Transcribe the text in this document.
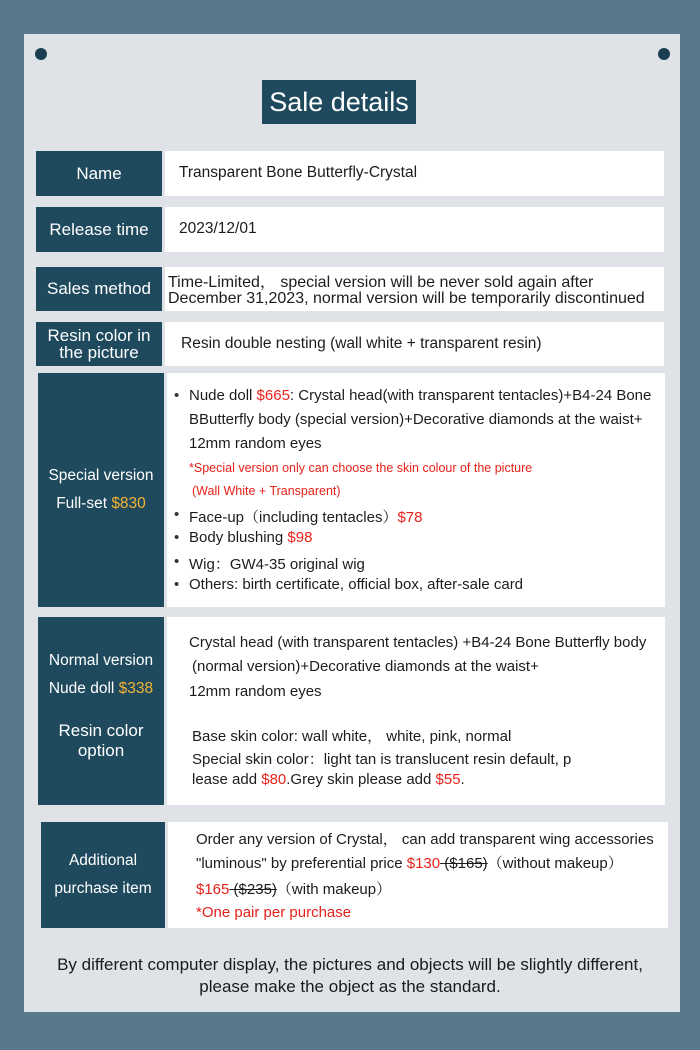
Sale details
Name	Transparent Bone Butterfly-Crystal
Release time 2023/12/01
Sales method Time-Limited， special version will be never sold again after
December 31,2023, normal version will be temporarily discontinued
Resin color in
the picture	Resin double nesting (wall white + transparent resin)
Special version
Full-set $830
• Nude doll $665: Crystal head(with transparent tentacles)+B4-24 Bone
BButterfly body (special version)+Decorative diamonds at the waist+
12mm random eyes
*Special version only can choose the skin colour of the picture
(Wall White + Transparent)
• Face-up（including tentacles）$78
• Body blushing $98
• Wig：GW4-35 original wig
• Others: birth certificate, official box, after-sale card
Normal version
Nude doll $338
Resin color
option
Crystal head (with transparent tentacles) +B4-24 Bone Butterfly body
(normal version)+Decorative diamonds at the waist+
12mm random eyes
Base skin color: wall white， white, pink, normal
Special skin color：light tan is translucent resin default, p
lease add $80.Grey skin please add $55.
Additional
purchase item
Order any version of Crystal， can add transparent wing accessories
"luminous" by preferential price $130 ($165)（without makeup）
$165 ($235)（with makeup）
*One pair per purchase
By different computer display, the pictures and objects will be slightly different,
please make the object as the standard.
